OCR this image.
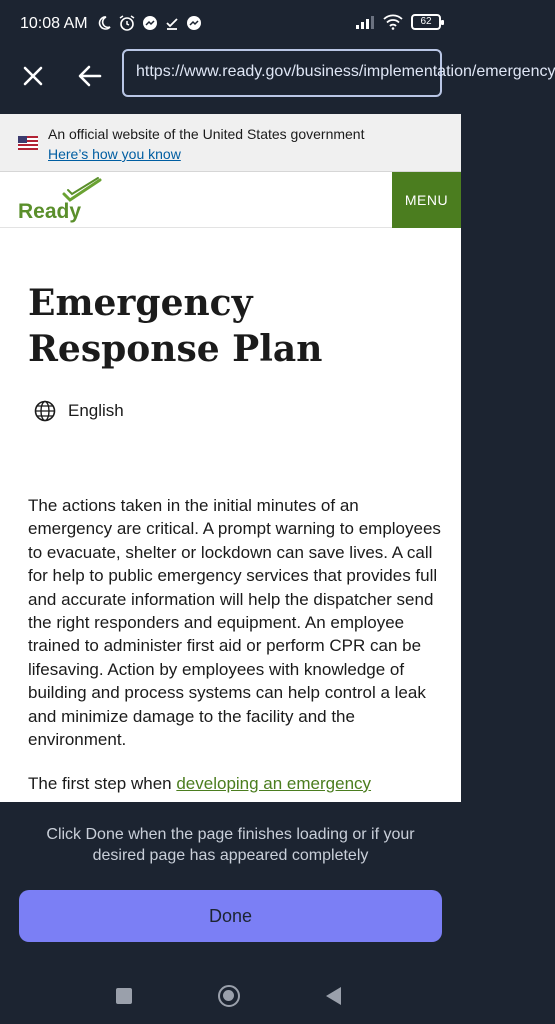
10:08 AM	62
https://www.ready.gov/business/implementation/emergency
An official website of the United States government
Here’s how you know
Ready	MENU
Emergency Response Plan
English
The actions taken in the initial minutes of an emergency are critical. A prompt warning to employees to evacuate, shelter or lockdown can save lives. A call for help to public emergency services that provides full and accurate information will help the dispatcher send the right responders and equipment. An employee trained to administer first aid or perform CPR can be lifesaving. Action by employees with knowledge of building and process systems can help control a leak and minimize damage to the facility and the environment.
The first step when developing an emergency
Click Done when the page finishes loading or if your desired page has appeared completely
Done
